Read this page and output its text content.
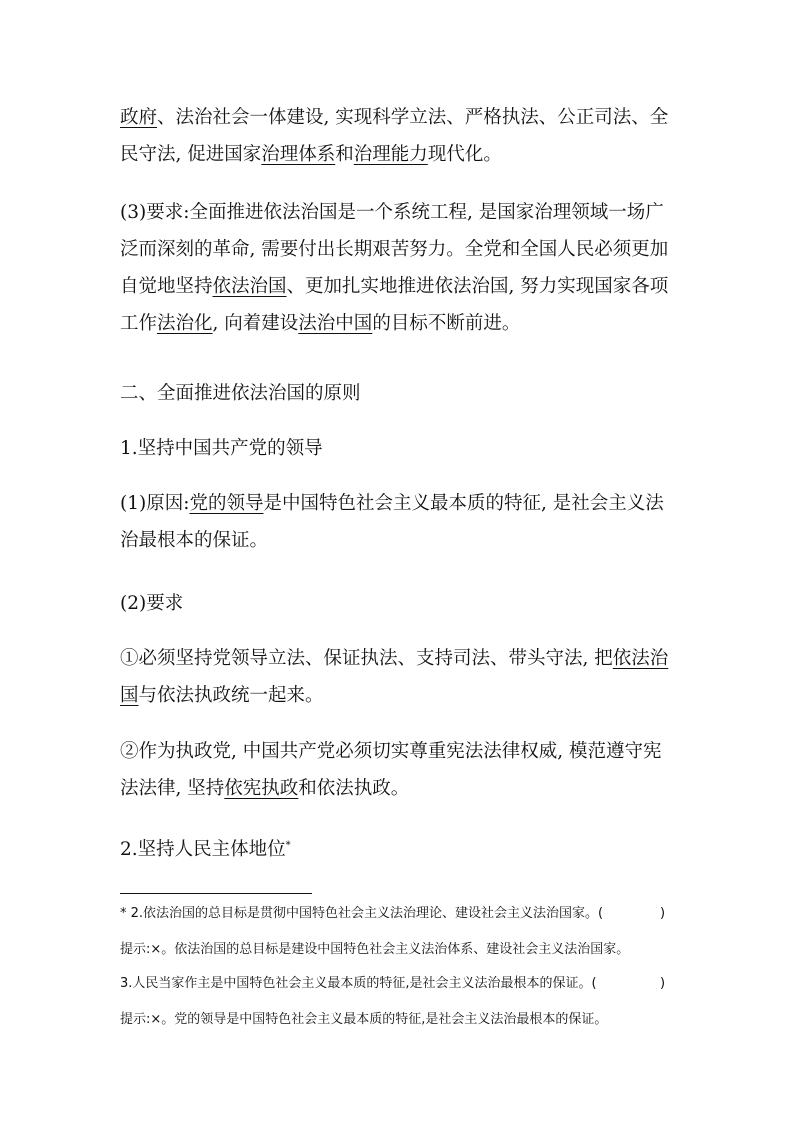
政府、法治社会一体建设, 实现科学立法、严格执法、公正司法、全
民守法, 促进国家治理体系和治理能力现代化。
(3)要求:全面推进依法治国是一个系统工程, 是国家治理领域一场广
泛而深刻的革命, 需要付出长期艰苦努力。全党和全国人民必须更加
自觉地坚持依法治国、更加扎实地推进依法治国, 努力实现国家各项
工作法治化, 向着建设法治中国的目标不断前进。
二、全面推进依法治国的原则
1.坚持中国共产党的领导
(1)原因:党的领导是中国特色社会主义最本质的特征, 是社会主义法
治最根本的保证。
(2)要求
①必须坚持党领导立法、保证执法、支持司法、带头守法, 把依法治
国与依法执政统一起来。
②作为执政党, 中国共产党必须切实尊重宪法法律权威, 模范遵守宪
法法律, 坚持依宪执政和依法执政。
2.坚持人民主体地位*
* 2.依法治国的总目标是贯彻中国特色社会主义法治理论、建设社会主义法治国家。(	)
提示:×。依法治国的总目标是建设中国特色社会主义法治体系、建设社会主义法治国家。
3.人民当家作主是中国特色社会主义最本质的特征,是社会主义法治最根本的保证。(	)
提示:×。党的领导是中国特色社会主义最本质的特征,是社会主义法治最根本的保证。
